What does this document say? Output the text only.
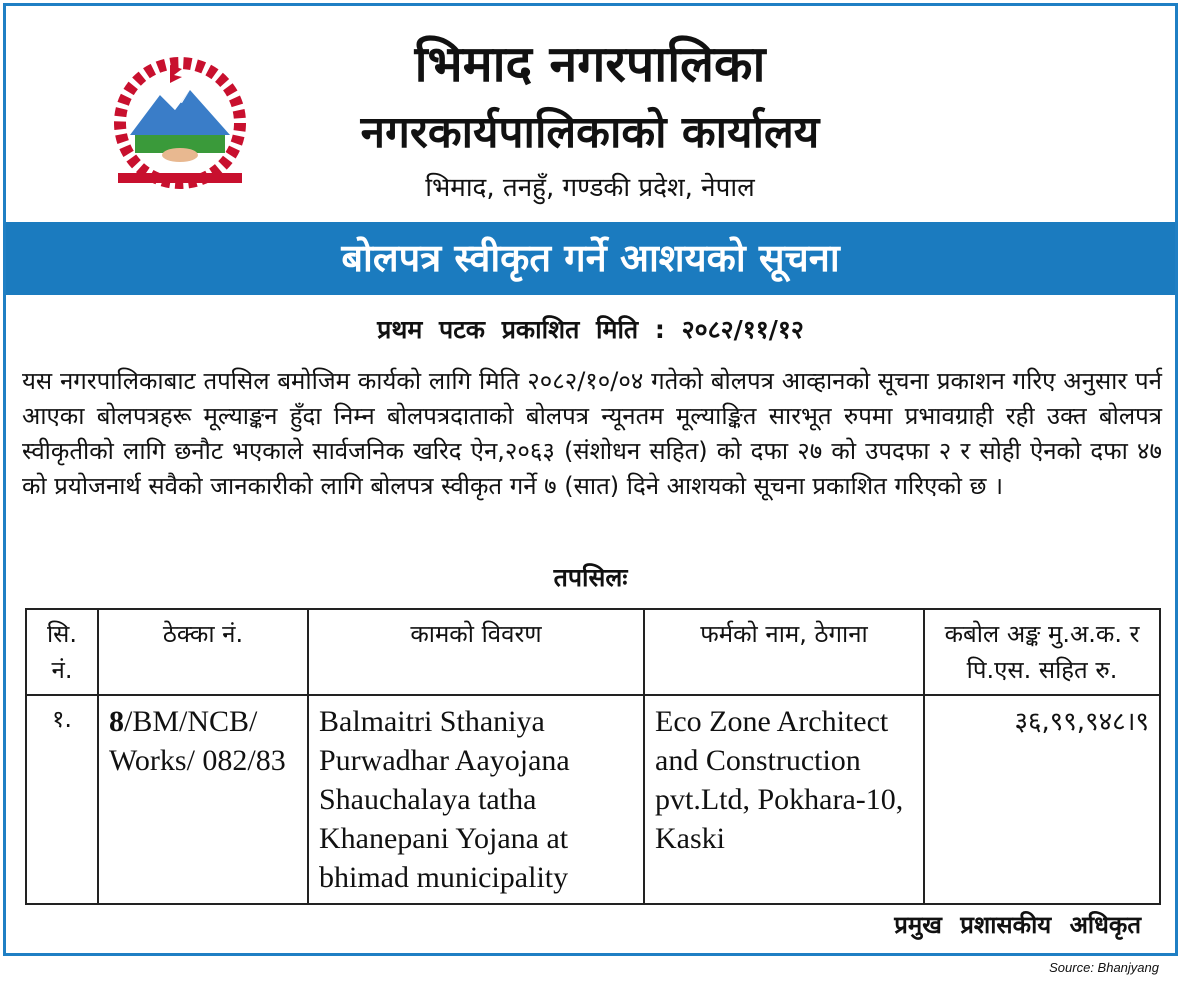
भिमाद नगरपालिका
नगरकार्यपालिकाको कार्यालय
भिमाद, तनहुँ, गण्डकी प्रदेश, नेपाल
बोलपत्र स्वीकृत गर्ने आशयको सूचना
प्रथम पटक प्रकाशित मिति : २०८२/११/१२
यस नगरपालिकाबाट तपसिल बमोजिम कार्यको लागि मिति २०८२/१०/०४ गतेको बोलपत्र आव्हानको सूचना प्रकाशन गरिए अनुसार पर्न आएका बोलपत्रहरू मूल्याङ्कन हुँदा निम्न बोलपत्रदाताको बोलपत्र न्यूनतम मूल्याङ्कित सारभूत रुपमा प्रभावग्राही रही उक्त बोलपत्र स्वीकृतीको लागि छनौट भएकाले सार्वजनिक खरिद ऐन,२०६३ (संशोधन सहित) को दफा २७ को उपदफा २ र सोही ऐनको दफा ४७ को प्रयोजनार्थ सवैको जानकारीको लागि बोलपत्र स्वीकृत गर्ने ७ (सात) दिने आशयको सूचना प्रकाशित गरिएको छ ।
तपसिलः
सि. नं.	ठेक्का नं.	कामको विवरण	फर्मको नाम, ठेगाना	कबोल अङ्क मु.अ.क. र पि.एस. सहित रु.
१.	8/BM/NCB/ Works/ 082/83	Balmaitri Sthaniya Purwadhar Aayojana Shauchalaya tatha Khanepani Yojana at bhimad municipality	Eco Zone Architect and Construction pvt.Ltd, Pokhara-10, Kaski	३६,९९,९४८।९
प्रमुख प्रशासकीय अधिकृत
Source: Bhanjyang
